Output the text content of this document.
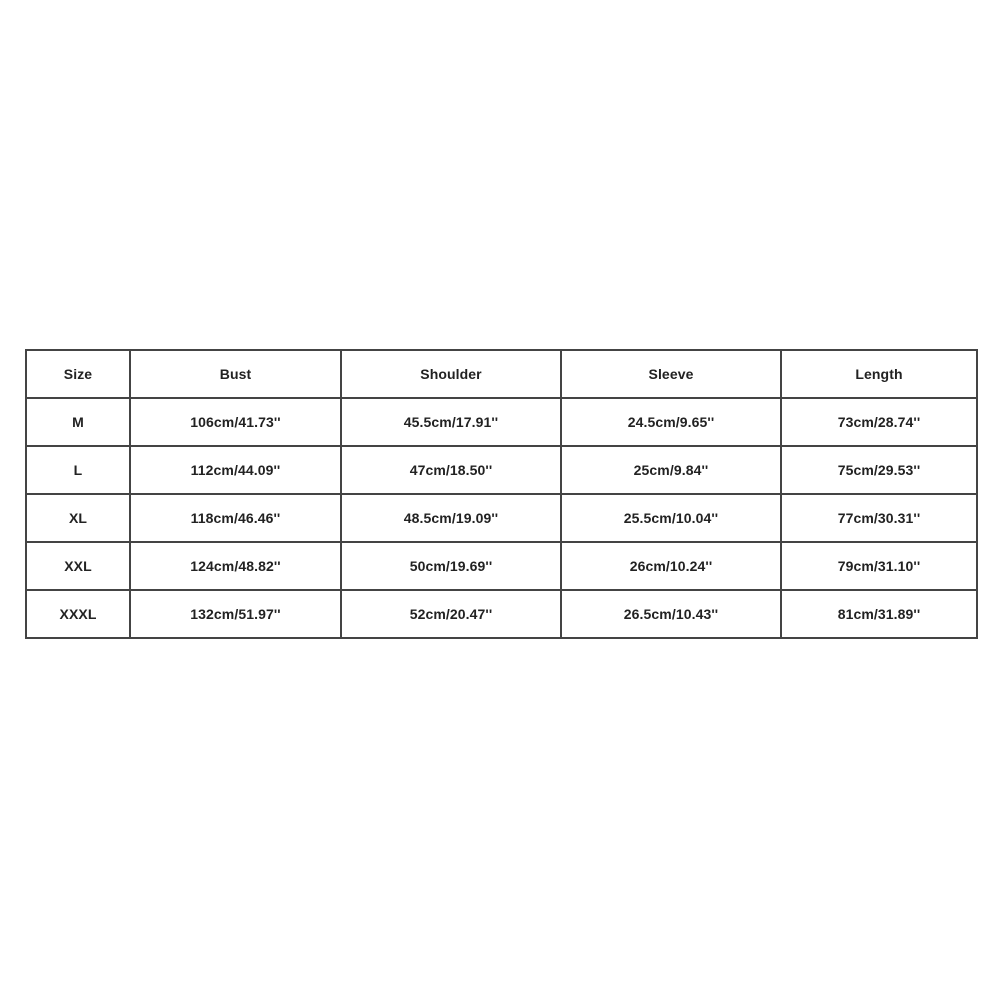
Size	Bust	Shoulder	Sleeve	Length
M	106cm/41.73''	45.5cm/17.91''	24.5cm/9.65''	73cm/28.74''
L	112cm/44.09''	47cm/18.50''	25cm/9.84''	75cm/29.53''
XL	118cm/46.46''	48.5cm/19.09''	25.5cm/10.04''	77cm/30.31''
XXL	124cm/48.82''	50cm/19.69''	26cm/10.24''	79cm/31.10''
XXXL	132cm/51.97''	52cm/20.47''	26.5cm/10.43''	81cm/31.89''
